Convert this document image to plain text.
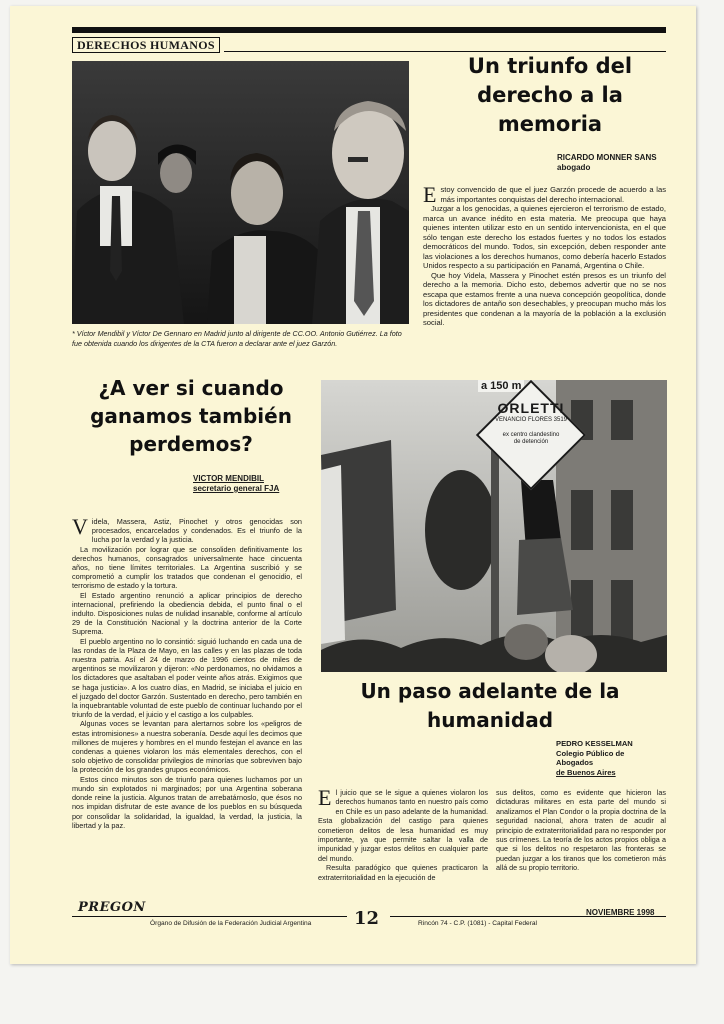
DERECHOS HUMANOS
* Víctor Mendibil y Víctor De Gennaro en Madrid junto al dirigente de CC.OO. Antonio Gutiérrez. La foto fue obtenida cuando los dirigentes de la CTA fueron a declarar ante el juez Garzón.
Un triunfo del derecho a la memoria
RICARDO MONNER SANS
abogado

Estoy convencido de que el juez Garzón procede de acuerdo a las más importantes conquistas del derecho internacional.

Juzgar a los genocidas, a quienes ejercieron el terrorismo de estado, marca un avance inédito en esta materia. Me preocupa que haya quienes intenten utilizar esto en un sentido intervencionista, en el que sólo tengan este derecho los estados fuertes y no todos los estados democráticos del mundo. Todos, sin excepción, deben responder ante las violaciones a los derechos humanos, como debería hacerlo Estados Unidos respecto a su participación en Panamá, Argentina o Chile.

Que hoy Videla, Massera y Pinochet estén presos es un triunfo del derecho a la memoria. Dicho esto, debemos advertir que no se nos escapa que estamos frente a una nueva concepción geopolítica, donde los dictadores de antaño son desechables, y preocupan mucho más los presidentes que condenan a la mayoría de la población a la exclusión social.

¿A ver si cuando ganamos también perdemos?
VICTOR MENDIBIL
secretario general FJA

Videla, Massera, Astiz, Pinochet y otros genocidas son procesados, encarcelados y condenados. Es el triunfo de la lucha por la verdad y la justicia.

La movilización por lograr que se consoliden definitivamente los derechos humanos, consagrados universalmente hace cincuenta años, no tiene límites territoriales. La Argentina suscribió y se comprometió a cumplir los tratados que condenan el genocidio, el terrorismo de estado y la tortura.

El Estado argentino renunció a aplicar principios de derecho internacional, prefiriendo la obediencia debida, el punto final o el indulto. Disposiciones nulas de nulidad insanable, conforme al artículo 29 de la Constitución Nacional y la doctrina anterior de la Corte Suprema.

El pueblo argentino no lo consintió: siguió luchando en cada una de las rondas de la Plaza de Mayo, en las calles y en las plazas de toda nuestra patria. Así el 24 de marzo de 1996 cientos de miles de argentinos se movilizaron y dijeron: «No perdonamos, no olvidamos a los dictadores que asaltaban el poder veinte años atrás. Exigimos que se haga justicia». A los cuatro días, en Madrid, se iniciaba el juicio en el juzgado del doctor Garzón. Sustentado en derecho, pero también en la inquebrantable voluntad de este pueblo de continuar luchando por el triunfo de la verdad, el juicio y el castigo a los culpables.

Algunas voces se levantan para alertarnos sobre los «peligros de estas intromisiones» a nuestra soberanía. Desde aquí les decimos que millones de mujeres y hombres en el mundo festejan el avance en las condenas a quienes violaron los más elementales derechos, con el solo objetivo de consolidar privilegios de minorías que sobreviven bajo la protección de los grandes grupos económicos.

Estos cinco minutos son de triunfo para quienes luchamos por un mundo sin explotados ni marginados; por una Argentina soberana donde reine la justicia. Algunos tratan de arrebatárnoslo, que ésos no nos impidan disfrutar de este avance de los pueblos en su búsqueda por consolidar la solidaridad, la igualdad, la verdad, la justicia, la libertad y la paz.

a 150 m
ORLETTI
VENANCIO FLORES 3519
ex centro clandestino
de detención
Un paso adelante de la humanidad
PEDRO KESSELMAN
Colegio Público de
Abogados
de Buenos Aires

El juicio que se le sigue a quienes violaron los derechos humanos tanto en nuestro país como en Chile es un paso adelante de la humanidad. Esta globalización del castigo para quienes cometieron delitos de lesa humanidad es muy importante, ya que permite saltar la valla de impunidad y juzgar estos delitos en cualquier parte del mundo.

Resulta paradógico que quienes practicaron la extraterritorialidad en la ejecución de

sus delitos, como es evidente que hicieron las dictaduras militares en esta parte del mundo si analizamos el Plan Condor o la propia doctrina de la seguridad nacional, ahora traten de acudir al principio de extraterritorialidad para no responder por sus crímenes. La teoría de los actos propios obliga a que si los delitos no respetaron las fronteras se puedan juzgar a los tiranos que los cometieron más allá de su propio territorio.

PREGON
Órgano de Difusión de la Federación Judicial Argentina	12	Rincón 74 - C.P. (1081) - Capital Federal
NOVIEMBRE 1998
